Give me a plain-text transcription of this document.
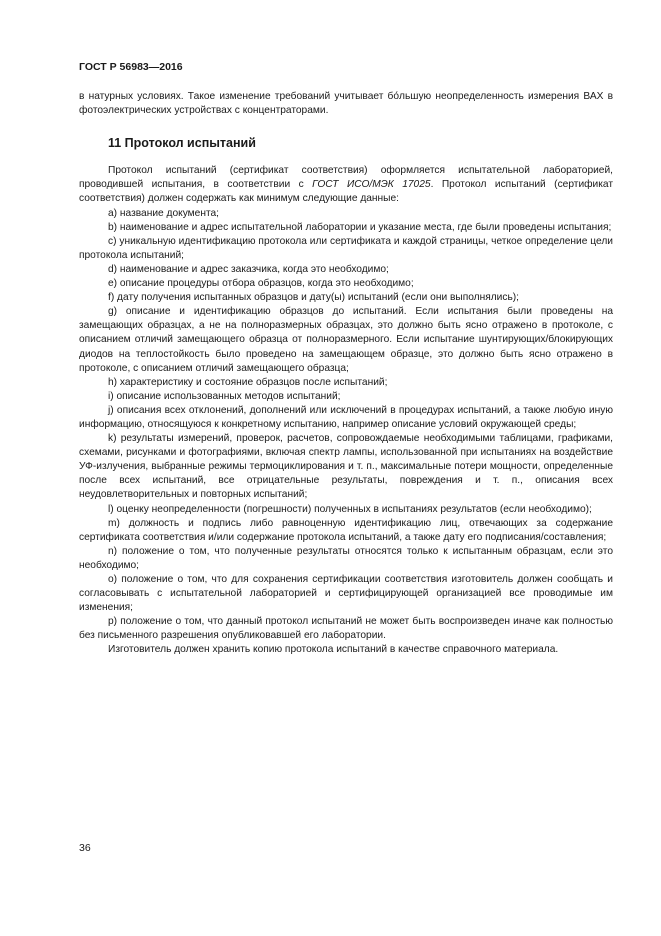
ГОСТ Р 56983—2016

в натурных условиях. Такое изменение требований учитывает бо́льшую неопределенность измерения ВАХ в фотоэлектрических устройствах с концентраторами.

11 Протокол испытаний

Протокол испытаний (сертификат соответствия) оформляется испытательной лабораторией, проводившей испытания, в соответствии с ГОСТ ИСО/МЭК 17025. Протокол испытаний (сертификат соответствия) должен содержать как минимум следующие данные:

а) название документа;

b) наименование и адрес испытательной лаборатории и указание места, где были проведены испытания;

c) уникальную идентификацию протокола или сертификата и каждой страницы, четкое определение цели протокола испытаний;

d) наименование и адрес заказчика, когда это необходимо;

е) описание процедуры отбора образцов, когда это необходимо;

f) дату получения испытанных образцов и дату(ы) испытаний (если они выполнялись);

g) описание и идентификацию образцов до испытаний. Если испытания были проведены на замещающих образцах, а не на полноразмерных образцах, это должно быть ясно отражено в протоколе, с описанием отличий замещающего образца от полноразмерного. Если испытание шунтирующих/блокирующих диодов на теплостойкость было проведено на замещающем образце, это должно быть ясно отражено в протоколе, с описанием отличий замещающего образца;

h) характеристику и состояние образцов после испытаний;

i) описание использованных методов испытаний;

j) описания всех отклонений, дополнений или исключений в процедурах испытаний, а также любую иную информацию, относящуюся к конкретному испытанию, например описание условий окружающей среды;

k) результаты измерений, проверок, расчетов, сопровождаемые необходимыми таблицами, графиками, схемами, рисунками и фотографиями, включая спектр лампы, использованной при испытаниях на воздействие УФ-излучения, выбранные режимы термоциклирования и т. п., максимальные потери мощности, определенные после всех испытаний, все отрицательные результаты, повреждения и т. п., описания всех неудовлетворительных и повторных испытаний;

l) оценку неопределенности (погрешности) полученных в испытаниях результатов (если необходимо);

m) должность и подпись либо равноценную идентификацию лиц, отвечающих за содержание сертификата соответствия и/или содержание протокола испытаний, а также дату его подписания/составления;

n) положение о том, что полученные результаты относятся только к испытанным образцам, если это необходимо;

о) положение о том, что для сохранения сертификации соответствия изготовитель должен сообщать и согласовывать с испытательной лабораторией и сертифицирующей организацией все проводимые им изменения;

р) положение о том, что данный протокол испытаний не может быть воспроизведен иначе как полностью без письменного разрешения опубликовавшей его лаборатории.

Изготовитель должен хранить копию протокола испытаний в качестве справочного материала.

36
